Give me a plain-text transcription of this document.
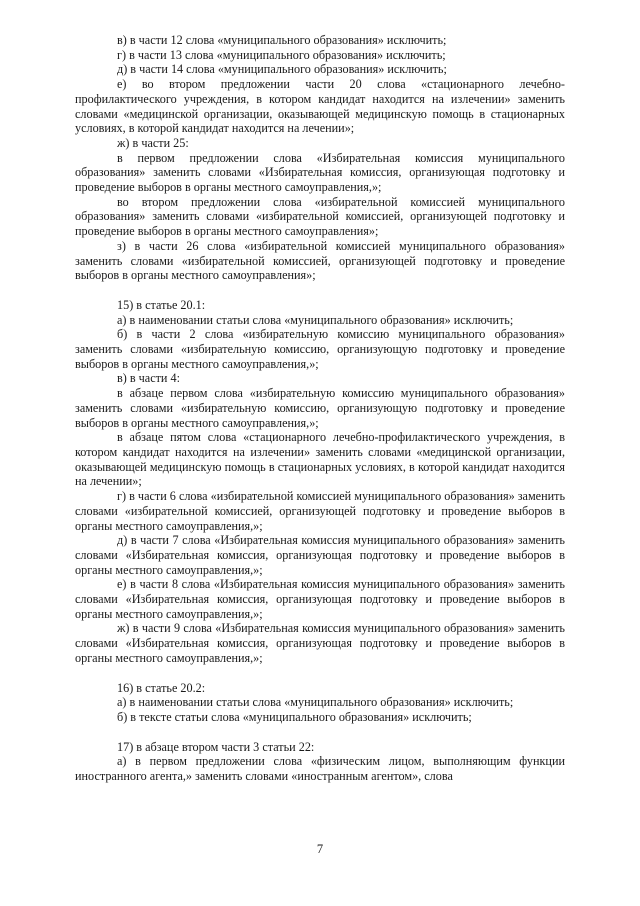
в) в части 12 слова «муниципального образования» исключить;

г) в части 13 слова «муниципального образования» исключить;

д) в части 14 слова «муниципального образования» исключить;

е) во втором предложении части 20 слова «стационарного лечебно-профилактического учреждения, в котором кандидат находится на излечении» заменить словами «медицинской организации, оказывающей медицинскую помощь в стационарных условиях, в которой кандидат находится на лечении»;

ж) в части 25:

в первом предложении слова «Избирательная комиссия муниципального образования» заменить словами «Избирательная комиссия, организующая подготовку и проведение выборов в органы местного самоуправления,»;

во втором предложении слова «избирательной комиссией муниципального образования» заменить словами «избирательной комиссией, организующей подготовку и проведение выборов в органы местного самоуправления»;

з) в части 26 слова «избирательной комиссией муниципального образования» заменить словами «избирательной комиссией, организующей подготовку и проведение выборов в органы местного самоуправления»;

15) в статье 20.1:

а) в наименовании статьи слова «муниципального образования» исключить;

б) в части 2 слова «избирательную комиссию муниципального образования» заменить словами «избирательную комиссию, организующую подготовку и проведение выборов в органы местного самоуправления,»;

в) в части 4:

в абзаце первом слова «избирательную комиссию муниципального образования» заменить словами «избирательную комиссию, организующую подготовку и проведение выборов в органы местного самоуправления,»;

в абзаце пятом слова «стационарного лечебно-профилактического учреждения, в котором кандидат находится на излечении» заменить словами «медицинской организации, оказывающей медицинскую помощь в стационарных условиях, в которой кандидат находится на лечении»;

г) в части 6 слова «избирательной комиссией муниципального образования» заменить словами «избирательной комиссией, организующей подготовку и проведение выборов в органы местного самоуправления,»;

д) в части 7 слова «Избирательная комиссия муниципального образования» заменить словами «Избирательная комиссия, организующая подготовку и проведение выборов в органы местного самоуправления,»;

е) в части 8 слова «Избирательная комиссия муниципального образования» заменить словами «Избирательная комиссия, организующая подготовку и проведение выборов в органы местного самоуправления,»;

ж) в части 9 слова «Избирательная комиссия муниципального образования» заменить словами «Избирательная комиссия, организующая подготовку и проведение выборов в органы местного самоуправления,»;

16) в статье 20.2:

а) в наименовании статьи слова «муниципального образования» исключить;

б) в тексте статьи слова «муниципального образования» исключить;

17) в абзаце втором части 3 статьи 22:

а) в первом предложении слова «физическим лицом, выполняющим функции иностранного агента,» заменить словами «иностранным агентом», слова

7
